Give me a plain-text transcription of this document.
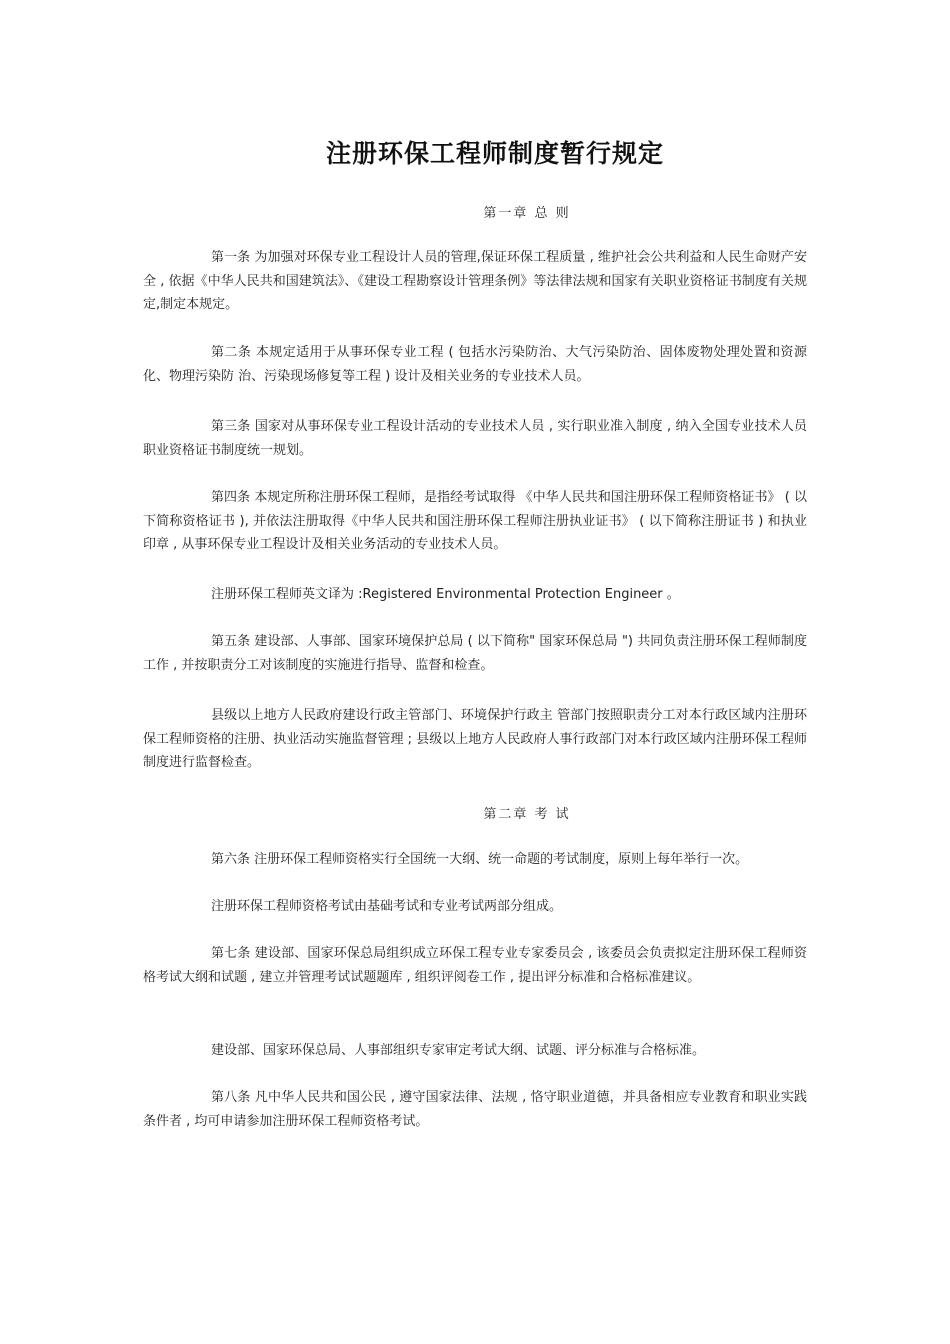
注册环保工程师制度暂行规定
第一章 总 则
第一条 为加强对环保专业工程设计人员的管理,保证环保工程质量 , 维护社会公共利益和人民生命财产安全 , 依据《中华人民共和国建筑法》、《建设工程勘察设计管理条例》等法律法规和国家有关职业资格证书制度有关规定,制定本规定。
第二条 本规定适用于从事环保专业工程 ( 包括水污染防治、大气污染防治、固体废物处理处置和资源化、物理污染防 治、污染现场修复等工程 ) 设计及相关业务的专业技术人员。
第三条 国家对从事环保专业工程设计活动的专业技术人员 , 实行职业准入制度 , 纳入全国专业技术人员职业资格证书制度统一规划。
第四条 本规定所称注册环保工程师，是指经考试取得 《中华人民共和国注册环保工程师资格证书》 ( 以下简称资格证书 ), 并依法注册取得《中华人民共和国注册环保工程师注册执业证书》 ( 以下简称注册证书 ) 和执业印章 , 从事环保专业工程设计及相关业务活动的专业技术人员。
注册环保工程师英文译为 :Registered Environmental Protection Engineer 。
第五条 建设部、人事部、国家环境保护总局 ( 以下简称" 国家环保总局 ") 共同负责注册环保工程师制度工作 , 并按职责分工对该制度的实施进行指导、监督和检查。
县级以上地方人民政府建设行政主管部门、环境保护行政主 管部门按照职责分工对本行政区域内注册环保工程师资格的注册、执业活动实施监督管理 ; 县级以上地方人民政府人事行政部门对本行政区域内注册环保工程师制度进行监督检查。
第二章 考 试
第六条 注册环保工程师资格实行全国统一大纲、统一命题的考试制度，原则上每年举行一次。
注册环保工程师资格考试由基础考试和专业考试两部分组成。
第七条 建设部、国家环保总局组织成立环保工程专业专家委员会 , 该委员会负责拟定注册环保工程师资格考试大纲和试题 , 建立并管理考试试题题库 , 组织评阅卷工作 , 提出评分标准和合格标准建议。
建设部、国家环保总局、人事部组织专家审定考试大纲、试题、评分标准与合格标准。
第八条 凡中华人民共和国公民 , 遵守国家法律、法规 , 恪守职业道德，并具备相应专业教育和职业实践条件者 , 均可申请参加注册环保工程师资格考试。
